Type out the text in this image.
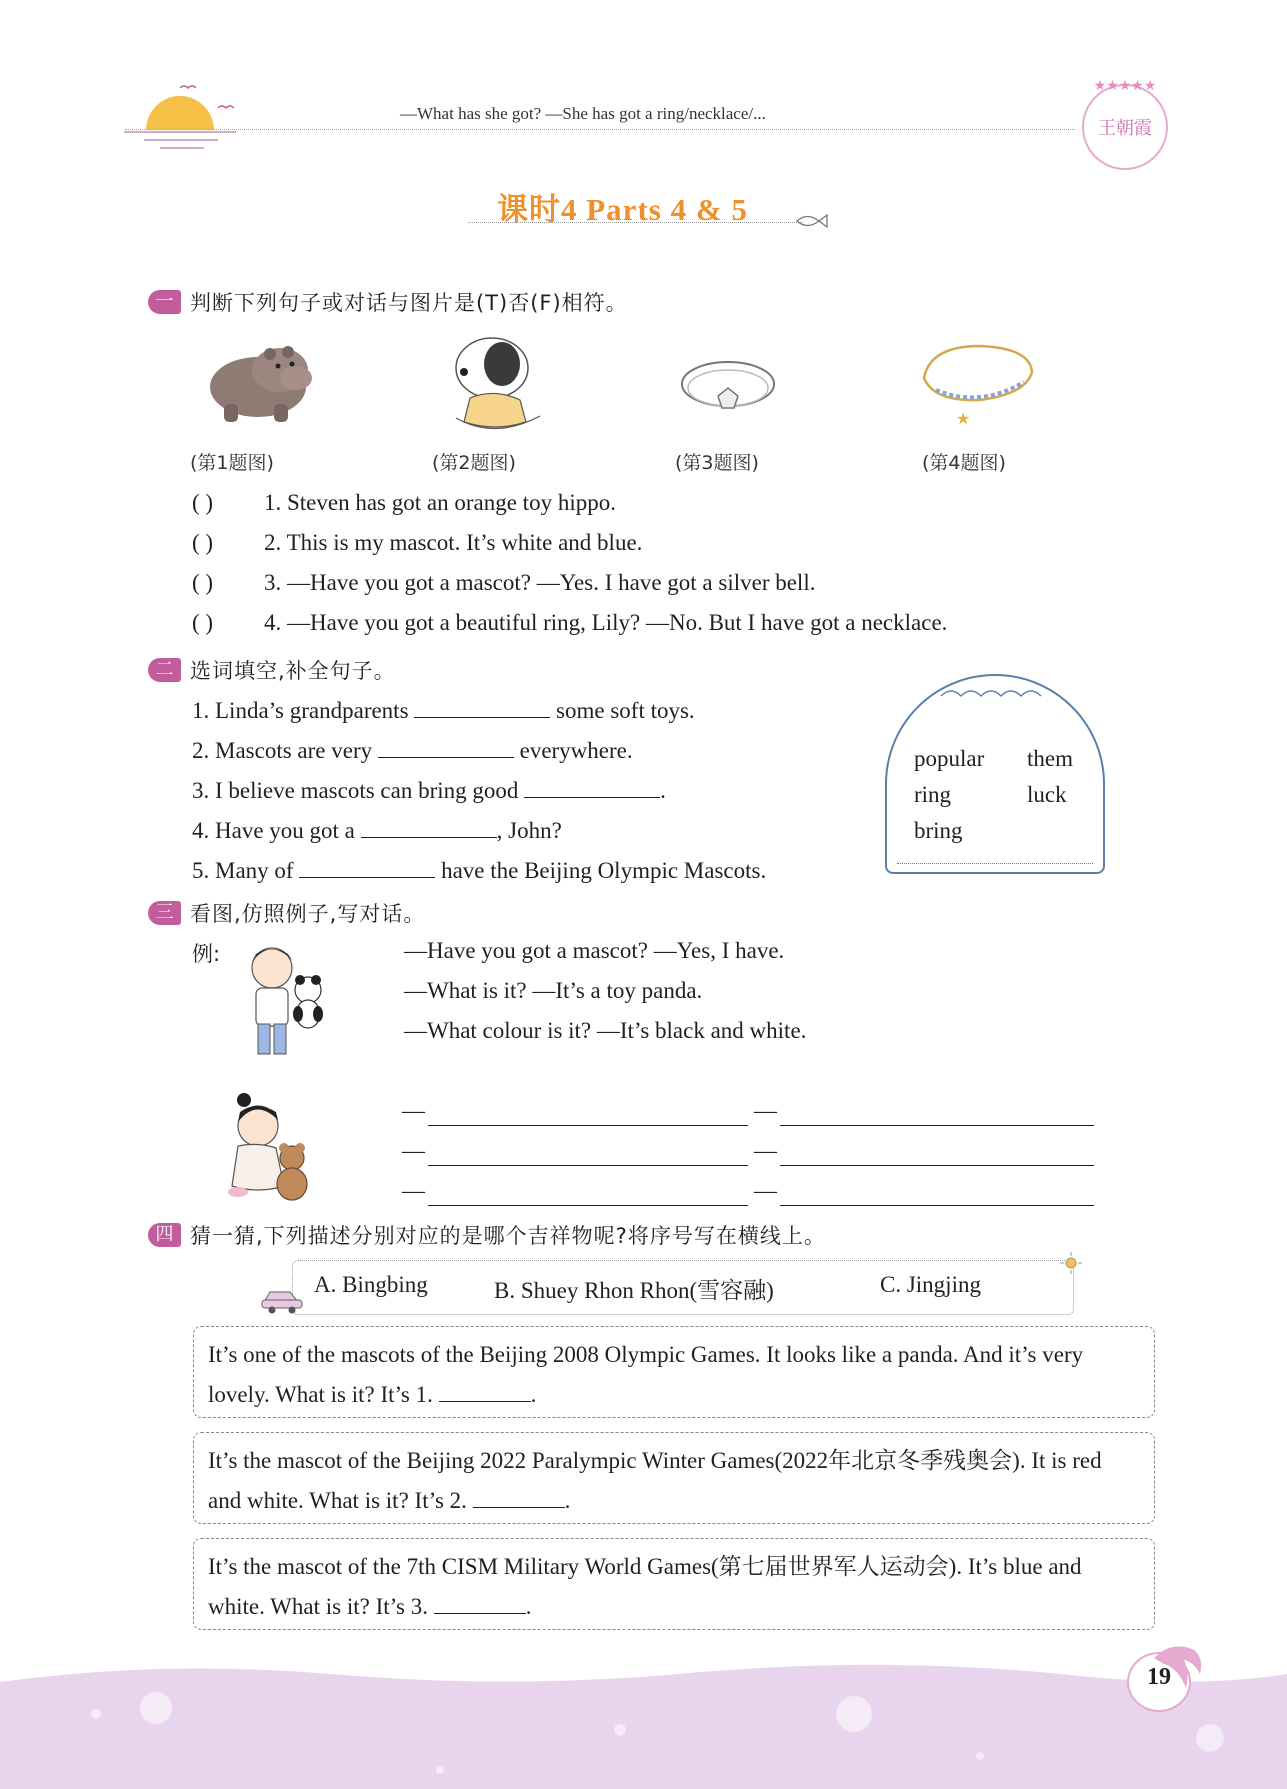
—What has she got? —She has got a ring/necklace/...
★★★★★
王朝霞
课时4 Parts 4 & 5
一 判断下列句子或对话与图片是(T)否(F)相符。
★
(第1题图)	(第2题图)	(第3题图)	(第4题图)
( ) 1. Steven has got an orange toy hippo.
( ) 2. This is my mascot. It’s white and blue.
( ) 3. —Have you got a mascot? —Yes. I have got a silver bell.
( ) 4. —Have you got a beautiful ring, Lily? —No. But I have got a necklace.
二 选词填空,补全句子。
1. Linda’s grandparents	some soft toys.
2. Mascots are very	everywhere.
3. I believe mascots can bring good	.
4. Have you got a	, John?
5. Many of	have the Beijing Olympic Mascots.
popular them
ring	luck
bring
三 看图,仿照例子,写对话。
例:	—Have you got a mascot? —Yes, I have.
—What is it? —It’s a toy panda.
—What colour is it? —It’s black and white.
—	—
—	—
—	—
四 猜一猜,下列描述分别对应的是哪个吉祥物呢?将序号写在横线上。
A. Bingbing	B. Shuey Rhon Rhon(雪容融)	C. Jingjing
It’s one of the mascots of the Beijing 2008 Olympic Games. It looks like a panda. And it’s very lovely. What is it? It’s 1.	.
It’s the mascot of the Beijing 2022 Paralympic Winter Games(2022年北京冬季残奥会). It is red and white. What is it? It’s 2.	.
It’s the mascot of the 7th CISM Military World Games(第七届世界军人运动会). It’s blue and white. What is it? It’s 3.	.
19
